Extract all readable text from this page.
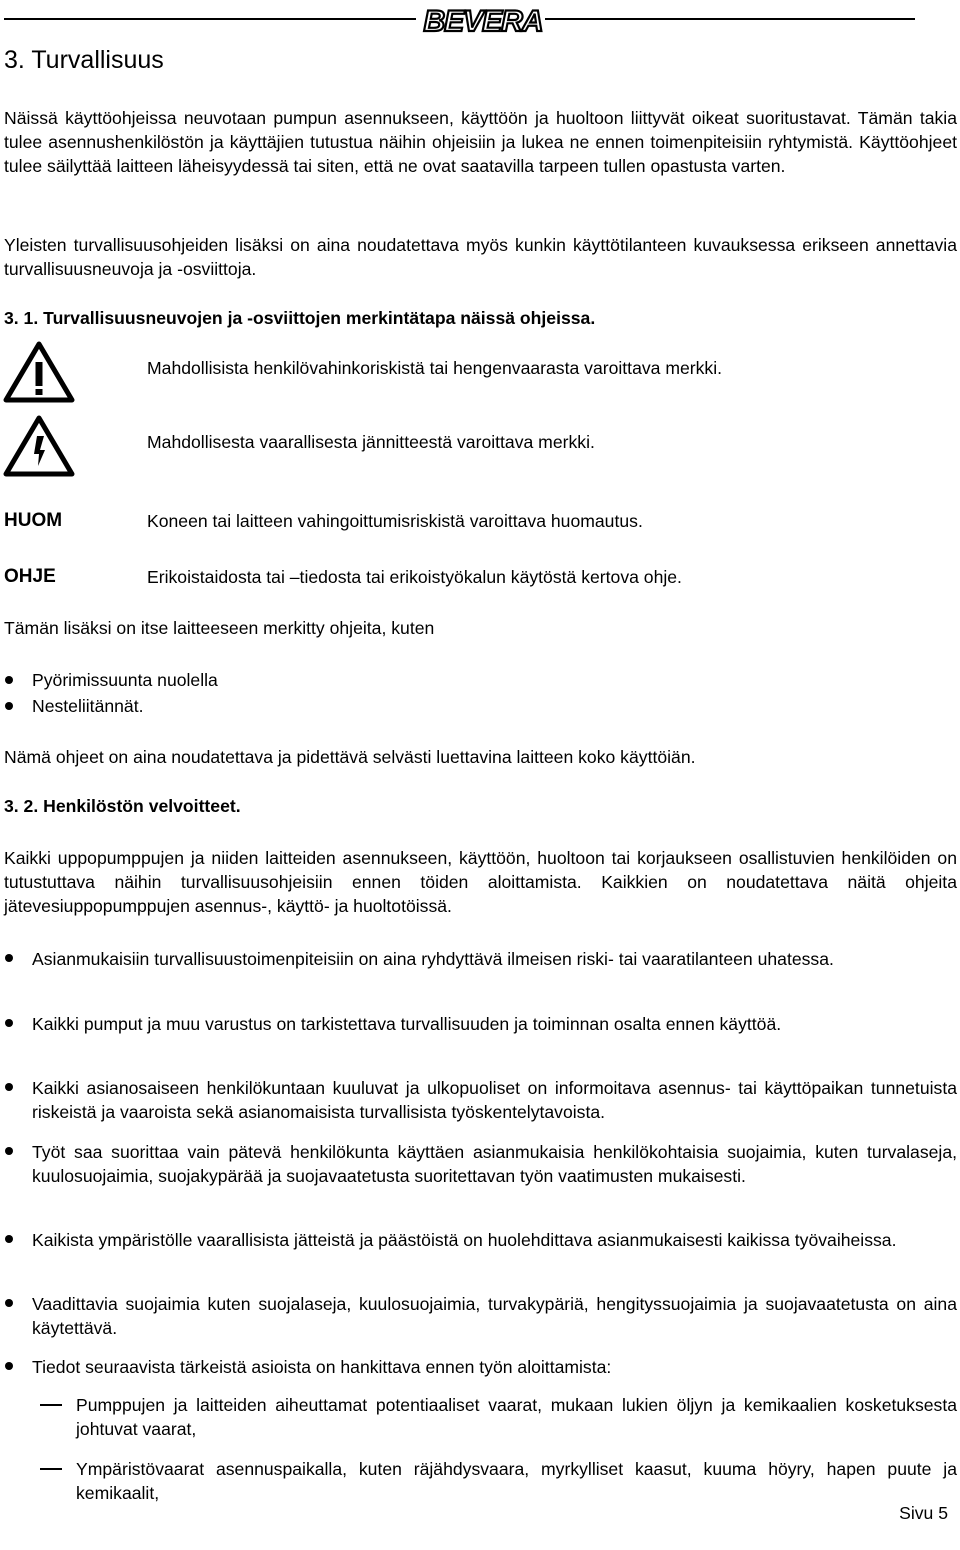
BEVERA
3. Turvallisuus

Näissä käyttöohjeissa neuvotaan pumpun asennukseen, käyttöön ja huoltoon liittyvät oikeat suoritustavat. Tämän takia tulee asennushenkilöstön ja käyttäjien tutustua näihin ohjeisiin ja lukea ne ennen toimenpiteisiin ryhtymistä. Käyttöohjeet tulee säilyttää laitteen läheisyydessä tai siten, että ne ovat saatavilla tarpeen tullen opastusta varten.

Yleisten turvallisuusohjeiden lisäksi on aina noudatettava myös kunkin käyttötilanteen kuvauksessa erikseen annettavia turvallisuusneuvoja ja -osviittoja.

3. 1. Turvallisuusneuvojen ja -osviittojen merkintätapa näissä ohjeissa.

Mahdollisista henkilövahinkoriskistä tai hengenvaarasta varoittava merkki.

Mahdollisesta vaarallisesta jännitteestä varoittava merkki.

HUOM	Koneen tai laitteen vahingoittumisriskistä varoittava huomautus.

OHJE	Erikoistaidosta tai –tiedosta tai erikoistyökalun käytöstä kertova ohje.

Tämän lisäksi on itse laitteeseen merkitty ohjeita, kuten

Pyörimissuunta nuolella

Nesteliitännät.

Nämä ohjeet on aina noudatettava ja pidettävä selvästi luettavina laitteen koko käyttöiän.

3. 2. Henkilöstön velvoitteet.

Kaikki uppopumppujen ja niiden laitteiden asennukseen, käyttöön, huoltoon tai korjaukseen osallistuvien henkilöiden on tutustuttava näihin turvallisuusohjeisiin ennen töiden aloittamista. Kaikkien on noudatettava näitä ohjeita jätevesiuppopumppujen asennus-, käyttö- ja huoltotöissä.

Asianmukaisiin turvallisuustoimenpiteisiin on aina ryhdyttävä ilmeisen riski- tai vaaratilanteen uhatessa.

Kaikki pumput ja muu varustus on tarkistettava turvallisuuden ja toiminnan osalta ennen käyttöä.

Kaikki asianosaiseen henkilökuntaan kuuluvat ja ulkopuoliset on informoitava asennus- tai käyttöpaikan tunnetuista riskeistä ja vaaroista sekä asianomaisista turvallisista työskentelytavoista.

Työt saa suorittaa vain pätevä henkilökunta käyttäen asianmukaisia henkilökohtaisia suojaimia, kuten turvalaseja, kuulosuojaimia, suojakypärää ja suojavaatetusta suoritettavan työn vaatimusten mukaisesti.

Kaikista ympäristölle vaarallisista jätteistä ja päästöistä on huolehdittava asianmukaisesti kaikissa työvaiheissa.

Vaadittavia suojaimia kuten suojalaseja, kuulosuojaimia, turvakypäriä, hengityssuojaimia ja suojavaatetusta on aina käytettävä.

Tiedot seuraavista tärkeistä asioista on hankittava ennen työn aloittamista:

Pumppujen ja laitteiden aiheuttamat potentiaaliset vaarat, mukaan lukien öljyn ja kemikaalien kosketuksesta johtuvat vaarat,

Ympäristövaarat asennuspaikalla, kuten räjähdysvaara, myrkylliset kaasut, kuuma höyry, hapen puute ja kemikaalit,

Sivu 5
